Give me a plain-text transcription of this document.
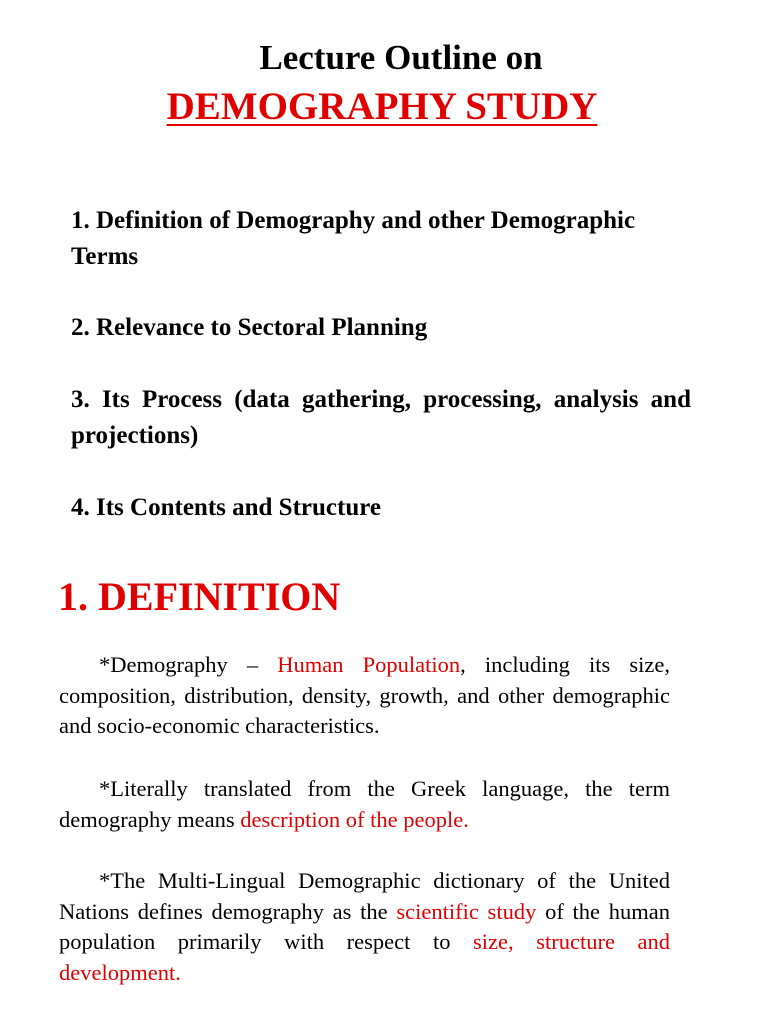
Lecture Outline on
DEMOGRAPHY STUDY
1. Definition of Demography and other Demographic Terms
2. Relevance to Sectoral Planning
3. Its Process (data gathering, processing, analysis and projections)
4. Its Contents and Structure
1. DEFINITION

*Demography – Human Population, including its size, composition, distribution, density, growth, and other demographic and socio-economic characteristics.

*Literally translated from the Greek language, the term demography means description of the people.

*The Multi-Lingual Demographic dictionary of the United Nations defines demography as the scientific study of the human population primarily with respect to size, structure and development.
